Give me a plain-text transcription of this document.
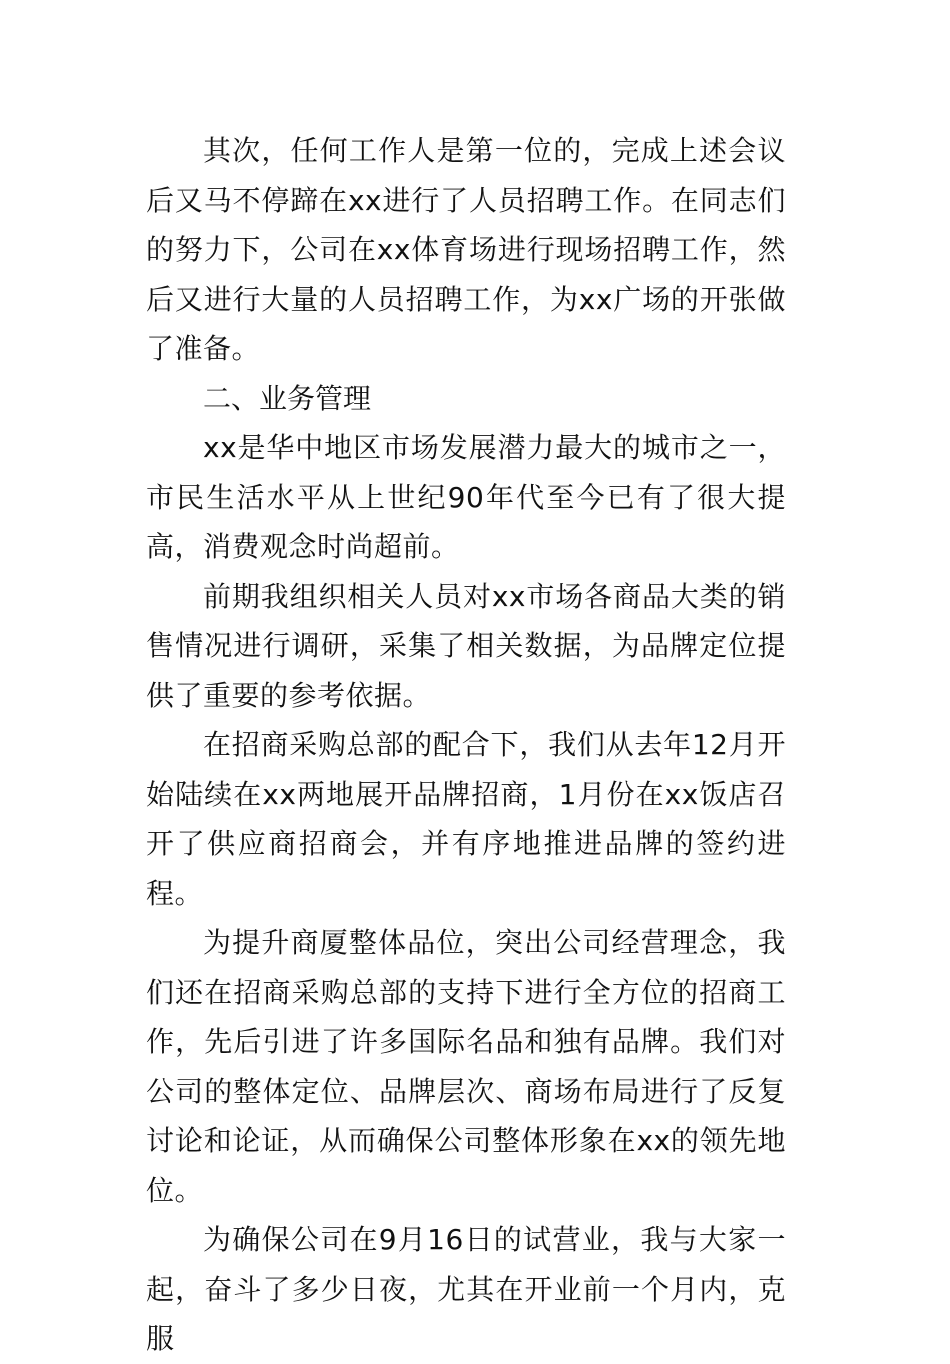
其次，任何工作人是第一位的，完成上述会议后又马不停蹄在xx进行了人员招聘工作。在同志们的努力下，公司在xx体育场进行现场招聘工作，然后又进行大量的人员招聘工作，为xx广场的开张做了准备。

二、业务管理

xx是华中地区市场发展潜力最大的城市之一，市民生活水平从上世纪90年代至今已有了很大提高，消费观念时尚超前。

前期我组织相关人员对xx市场各商品大类的销售情况进行调研，采集了相关数据，为品牌定位提供了重要的参考依据。

在招商采购总部的配合下，我们从去年12月开始陆续在xx两地展开品牌招商，1月份在xx饭店召开了供应商招商会，并有序地推进品牌的签约进程。

为提升商厦整体品位，突出公司经营理念，我们还在招商采购总部的支持下进行全方位的招商工作，先后引进了许多国际名品和独有品牌。我们对公司的整体定位、品牌层次、商场布局进行了反复讨论和论证，从而确保公司整体形象在xx的领先地位。

为确保公司在9月16日的试营业，我与大家一起，奋斗了多少日夜，尤其在开业前一个月内，克服
